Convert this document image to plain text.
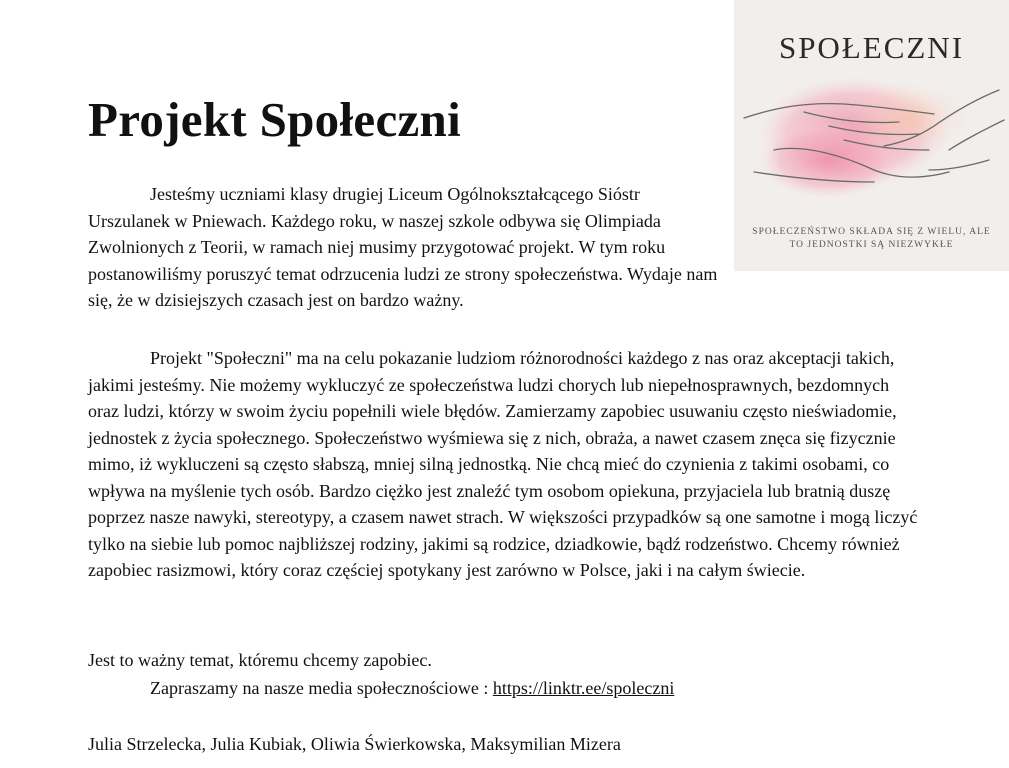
Projekt Społeczni
SPOŁECZNI
SPOŁECZEŃSTWO SKŁADA SIĘ Z WIELU, ALE TO JEDNOSTKI SĄ NIEZWYKŁE

Jesteśmy uczniami klasy drugiej Liceum Ogólnokształcącego Sióstr Urszulanek w Pniewach. Każdego roku, w naszej szkole odbywa się Olimpiada Zwolnionych z Teorii, w ramach niej musimy przygotować projekt. W tym roku postanowiliśmy poruszyć temat odrzucenia ludzi ze strony społeczeństwa. Wydaje nam się, że w dzisiejszych czasach jest on bardzo ważny.

Projekt "Społeczni" ma na celu pokazanie ludziom różnorodności każdego z nas oraz akceptacji takich, jakimi jesteśmy. Nie możemy wykluczyć ze społeczeństwa ludzi chorych lub niepełnosprawnych, bezdomnych oraz ludzi, którzy w swoim życiu popełnili wiele błędów. Zamierzamy zapobiec usuwaniu często nieświadomie, jednostek z życia społecznego. Społeczeństwo wyśmiewa się z nich, obraża, a nawet czasem znęca się fizycznie mimo, iż wykluczeni są często słabszą, mniej silną jednostką. Nie chcą mieć do czynienia z takimi osobami, co wpływa na myślenie tych osób. Bardzo ciężko jest znaleźć tym osobom opiekuna, przyjaciela lub bratnią duszę poprzez nasze nawyki, stereotypy, a czasem nawet strach. W większości przypadków są one samotne i mogą liczyć tylko na siebie lub pomoc najbliższej rodziny, jakimi są rodzice, dziadkowie, bądź rodzeństwo. Chcemy również zapobiec rasizmowi, który coraz częściej spotykany jest zarówno w Polsce, jaki i na całym świecie.

Jest to ważny temat, któremu chcemy zapobiec.

Zapraszamy na nasze media społecznościowe : https://linktr.ee/spoleczni

Julia Strzelecka, Julia Kubiak, Oliwia Świerkowska, Maksymilian Mizera
